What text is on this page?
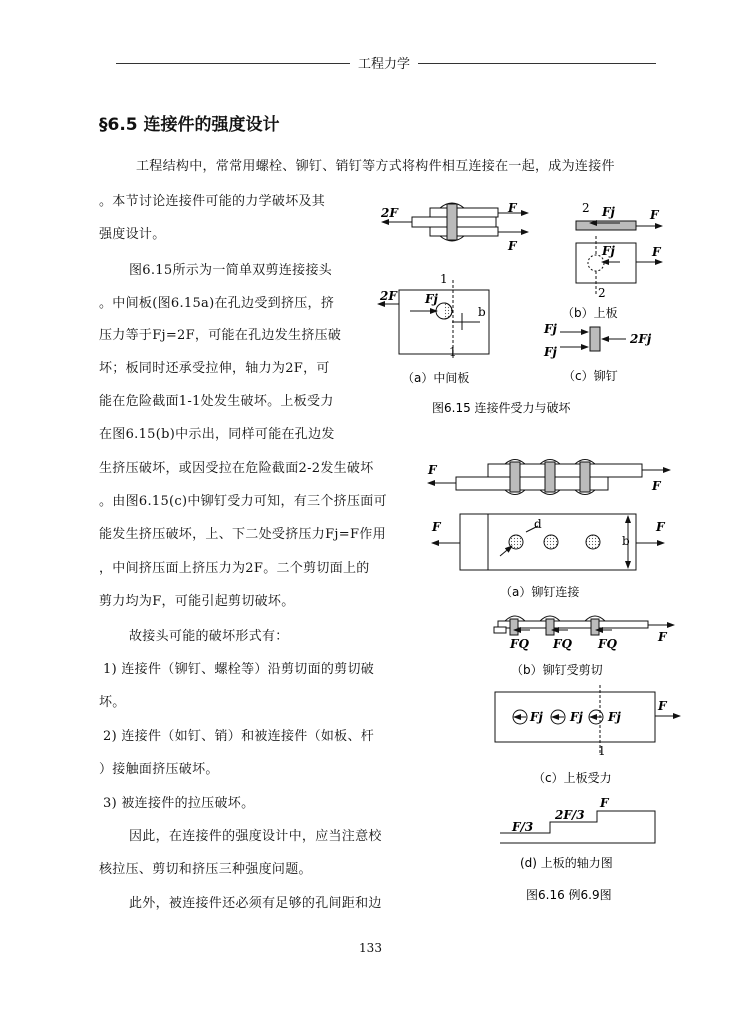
工程力学
§6.5 连接件的强度设计
工程结构中，常常用螺栓、铆钉、销钉等方式将构件相互连接在一起，成为连接件
。本节讨论连接件可能的力学破坏及其
强度设计。
图6.15所示为一简单双剪连接接头
。中间板(图6.15a)在孔边受到挤压，挤
压力等于Fj=2F，可能在孔边发生挤压破
坏；板同时还承受拉伸，轴力为2F，可
能在危险截面1-1处发生破坏。上板受力
在图6.15(b)中示出，同样可能在孔边发
生挤压破坏，或因受拉在危险截面2-2发生破坏
。由图6.15(c)中铆钉受力可知，有三个挤压面可
能发生挤压破坏，上、下二处受挤压力Fj=F作用
，中间挤压面上挤压力为2F。二个剪切面上的
剪力均为F，可能引起剪切破坏。
故接头可能的破坏形式有：
1) 连接件（铆钉、螺栓等）沿剪切面的剪切破
坏。
2) 连接件（如钉、销）和被连接件（如板、杆
）接触面挤压破坏。
3) 被连接件的拉压破坏。
因此，在连接件的强度设计中，应当注意校
核拉压、剪切和挤压三种强度问题。
此外，被连接件还必须有足够的孔间距和边
2F	F
F
2F Fj
1
1
b
（a）中间板
2 Fj	F
Fj	F
2
（b）上板
Fj
Fj
2Fj
（c）铆钉
图6.15 连接件受力与破坏
F
F
F	F
d
b
（a）铆钉连接
F
FQ FQ FQ
（b）铆钉受剪切
F
Fj Fj Fj
1
（c）上板受力
F
2F/3
F/3
(d) 上板的轴力图
图6.16 例6.9图
133
